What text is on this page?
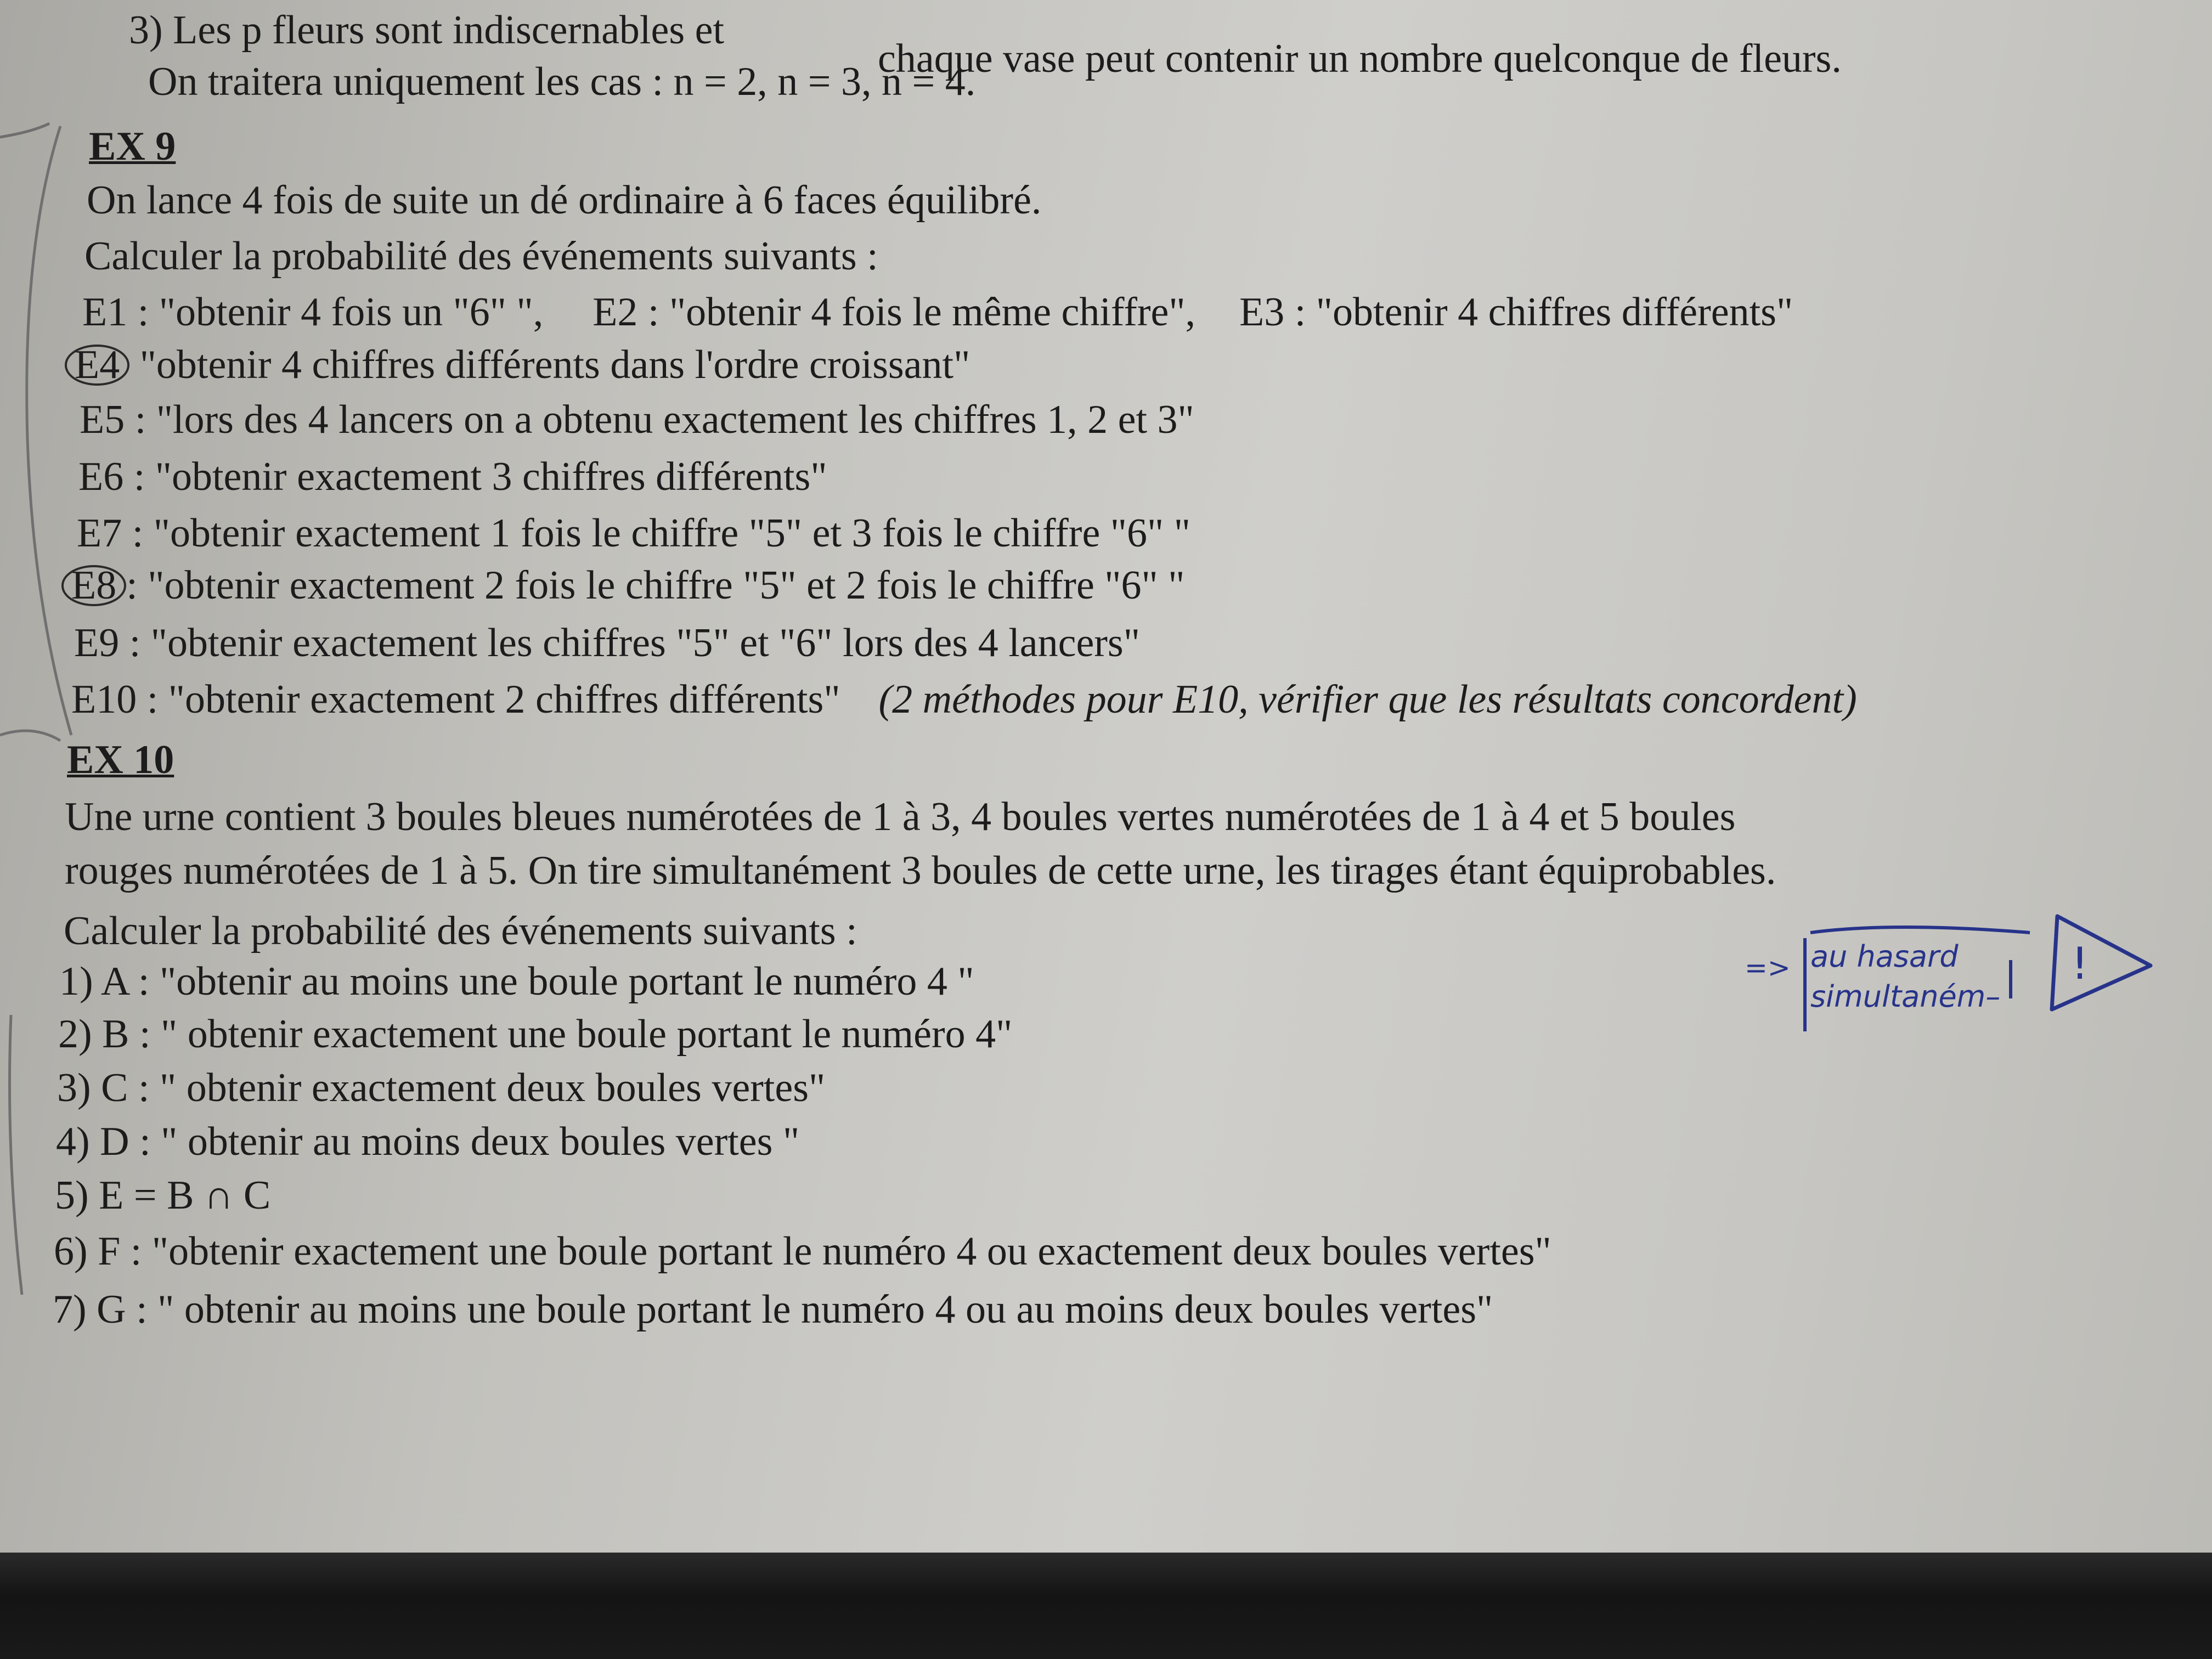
3) Les p fleurs sont indiscernables et
chaque vase peut contenir un nombre quelconque de fleurs.
On traitera uniquement les cas : n = 2, n = 3, n = 4.
EX 9
On lance 4 fois de suite un dé ordinaire à 6 faces équilibré.
Calculer la probabilité des événements suivants :
E1 : "obtenir 4 fois un "6" ", E2 : "obtenir 4 fois le même chiffre", E3 : "obtenir 4 chiffres différents"
E4 "obtenir 4 chiffres différents dans l'ordre croissant"
E5 : "lors des 4 lancers on a obtenu exactement les chiffres 1, 2 et 3"
E6 : "obtenir exactement 3 chiffres différents"
E7 : "obtenir exactement 1 fois le chiffre "5" et 3 fois le chiffre "6" "
E8 : "obtenir exactement 2 fois le chiffre "5" et 2 fois le chiffre "6" "
E9 : "obtenir exactement les chiffres "5" et "6" lors des 4 lancers"
E10 : "obtenir exactement 2 chiffres différents" (2 méthodes pour E10, vérifier que les résultats concordent)
EX 10
Une urne contient 3 boules bleues numérotées de 1 à 3, 4 boules vertes numérotées de 1 à 4 et 5 boules
rouges numérotées de 1 à 5. On tire simultanément 3 boules de cette urne, les tirages étant équiprobables.
Calculer la probabilité des événements suivants :
1) A : "obtenir au moins une boule portant le numéro 4 "
2) B : " obtenir exactement une boule portant le numéro 4"
3) C : " obtenir exactement deux boules vertes"
4) D : " obtenir au moins deux boules vertes "
5) E = B ∩ C
6) F : "obtenir exactement une boule portant le numéro 4 ou exactement deux boules vertes"
7) G : " obtenir au moins une boule portant le numéro 4 ou au moins deux boules vertes"
=> au hasard
simultaném–
!
